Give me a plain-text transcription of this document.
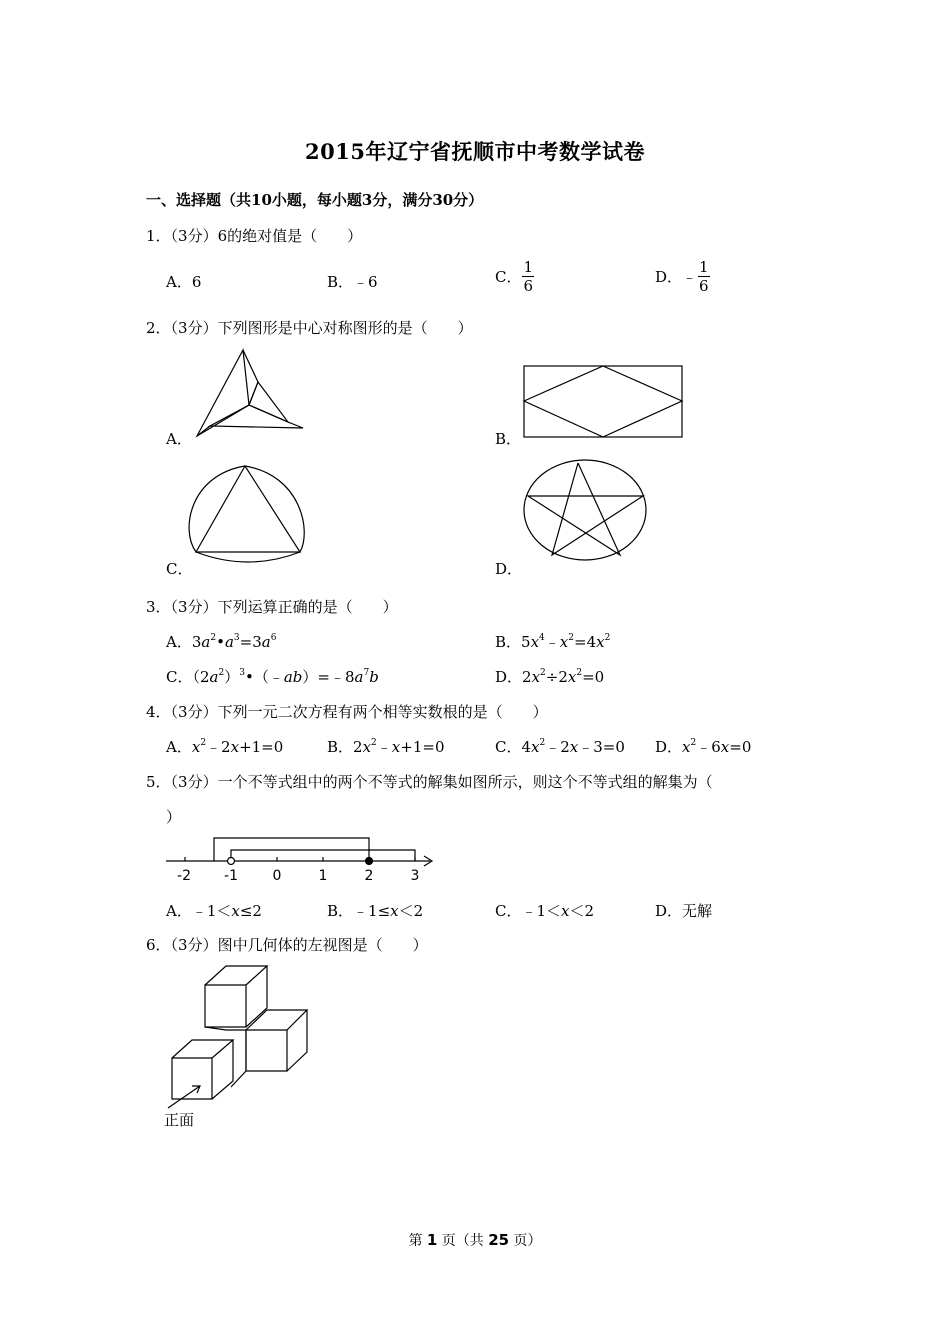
2015年辽宁省抚顺市中考数学试卷
一、选择题（共10小题，每小题3分，满分30分）
1．（3分）6的绝对值是（　　）
A．6	B．﹣6	C． $\frac{1}{6}$	D．﹣ $\frac{1}{6}$
2．（3分）下列图形是中心对称图形的是（　　）
A．	B．
C．	D．
3．（3分）下列运算正确的是（　　）
A．$3a^2•a^3=3a^6$	B．$5x^4﹣x^2=4x^2$
C．$(2a^2)^3•(﹣ab)=﹣8a^7b$	D．$2x^2\div 2x^2=0$
4．（3分）下列一元二次方程有两个相等实数根的是（　　）
A．$x^2﹣2x+1=0$	B．$2x^2﹣x+1=0$	C．$4x^2﹣2x﹣3=0$ D．$x^2﹣6x=0$
5．（3分）一个不等式组中的两个不等式的解集如图所示，则这个不等式组的解集为（
）
-2 -1 0	1	2	3
A．﹣1＜x≤2	B．﹣1≤x＜2	C．﹣1＜x＜2	D．无解
6．（3分）图中几何体的左视图是（　　）
正面
第 1 页（共 25 页）
